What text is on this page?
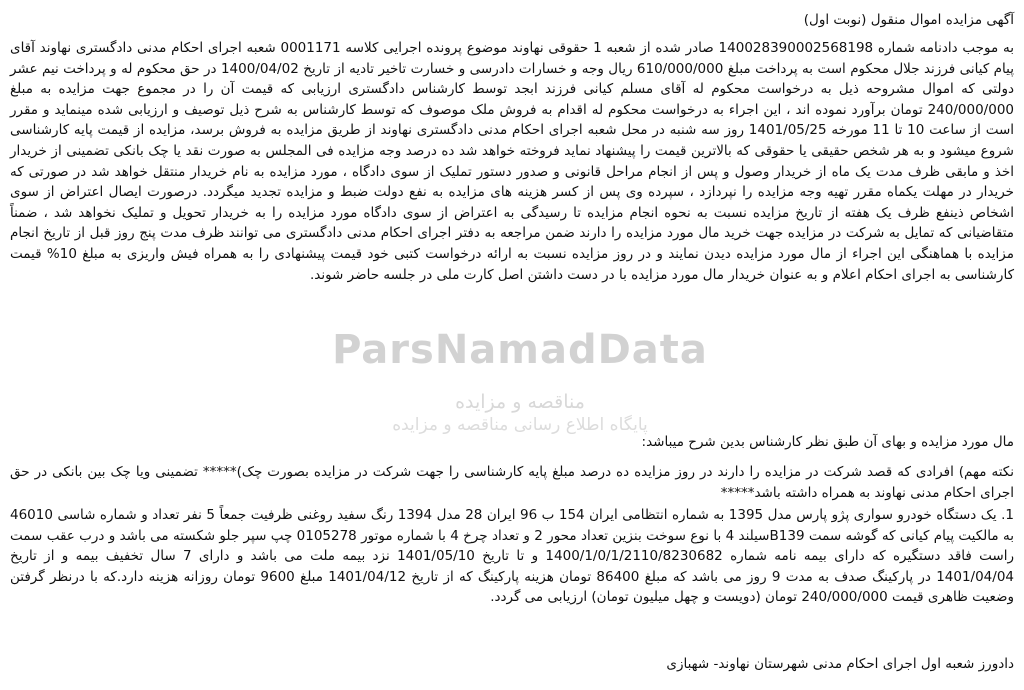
ParsNamadData
مناقصه و مزایده
پایگاه اطلاع رسانی مناقصه و مزایده
آگهی مزایده اموال منقول (نوبت اول)

به موجب دادنامه شماره 140028390002568198 صادر شده از شعبه 1 حقوقی نهاوند موضوع پرونده اجرایی کلاسه 0001171 شعبه اجرای احکام مدنی دادگستری نهاوند آقای پیام کیانی فرزند جلال محکوم است به پرداخت مبلغ 610/000/000 ریال وجه و خسارات دادرسی و خسارت تاخیر تادیه از تاریخ 1400/04/02 در حق محکوم له و پرداخت نیم عشر دولتی که اموال مشروحه ذیل به درخواست محکوم له آقای مسلم کیانی فرزند ابجد توسط کارشناس دادگستری ارزیابی که قیمت آن را در مجموع جهت مزایده به مبلغ 240/000/000 تومان برآورد نموده اند ، این اجراء به درخواست محکوم له اقدام به فروش ملک موصوف که توسط کارشناس به شرح ذیل توصیف و ارزیابی شده مینماید و مقرر است از ساعت 10 تا 11 مورخه 1401/05/25 روز سه شنبه در محل شعبه اجرای احکام مدنی دادگستری نهاوند از طریق مزایده به فروش برسد، مزایده از قیمت پایه کارشناسی شروع میشود و به هر شخص حقیقی یا حقوقی که بالاترین قیمت را پیشنهاد نماید فروخته خواهد شد ده درصد وجه مزایده فی المجلس به صورت نقد یا چک بانکی تضمینی از خریدار اخذ و مابقی ظرف مدت یک ماه از خریدار وصول و پس از انجام مراحل قانونی و صدور دستور تملیک از سوی دادگاه ، مورد مزایده به نام خریدار منتقل خواهد شد در صورتی که خریدار در مهلت یکماه مقرر تهیه وجه مزایده را نپردازد ، سپرده وی پس از کسر هزینه های مزایده به نفع دولت ضبط و مزایده تجدید میگردد. درصورت ایصال اعتراض از سوی اشخاص ذینفع ظرف یک هفته از تاریخ مزایده نسبت به نحوه انجام مزایده تا رسیدگی به اعتراض از سوی دادگاه مورد مزایده را به خریدار تحویل و تملیک نخواهد شد ، ضمناً متقاضیانی که تمایل به شرکت در مزایده جهت خرید مال مورد مزایده را دارند ضمن مراجعه به دفتر اجرای احکام مدنی دادگستری می توانند ظرف مدت پنج روز قبل از تاریخ انجام مزایده با هماهنگی این اجراء از مال مورد مزایده دیدن نمایند و در روز مزایده نسبت به ارائه درخواست کتبی خود قیمت پیشنهادی را به همراه فیش واریزی به مبلغ 10% قیمت کارشناسی به اجرای احکام اعلام و به عنوان خریدار مال مورد مزایده با در دست داشتن اصل کارت ملی در جلسه حاضر شوند.

مال مورد مزایده و بهای آن طبق نظر کارشناس بدین شرح میباشد:

نکته مهم) افرادی که قصد شرکت در مزایده را دارند در روز مزایده ده درصد مبلغ پایه کارشناسی را جهت شرکت در مزایده بصورت چک)***** تضمینی ویا چک بین بانکی در حق اجرای احکام مدنی نهاوند به همراه داشته باشد*****

1. یک دستگاه خودرو سواری پژو پارس مدل 1395 به شماره انتظامی ایران 154 ب 96 ایران 28 مدل 1394 رنگ سفید روغنی ظرفیت جمعاً 5 نفر تعداد و شماره شاسی 46010 به مالکیت پیام کیانی که گوشه سمت B139سیلند 4 با نوع سوخت بنزین تعداد محور 2 و تعداد چرخ 4 با شماره موتور 0105278 چپ سپر جلو شکسته می باشد و درب عقب سمت راست فاقد دستگیره که دارای بیمه نامه شماره 1400/1/0/1/2110/8230682 و تا تاریخ 1401/05/10 نزد بیمه ملت می باشد و دارای 7 سال تخفیف بیمه و از تاریخ 1401/04/04 در پارکینگ صدف به مدت 9 روز می باشد که مبلغ 86400 تومان هزینه پارکینگ که از تاریخ 1401/04/12 مبلغ 9600 تومان روزانه هزینه دارد.که با درنظر گرفتن وضعیت ظاهری قیمت 240/000/000 تومان (دویست و چهل میلیون تومان) ارزیابی می گردد.

دادورز شعبه اول اجرای احکام مدنی شهرستان نهاوند- شهبازی
